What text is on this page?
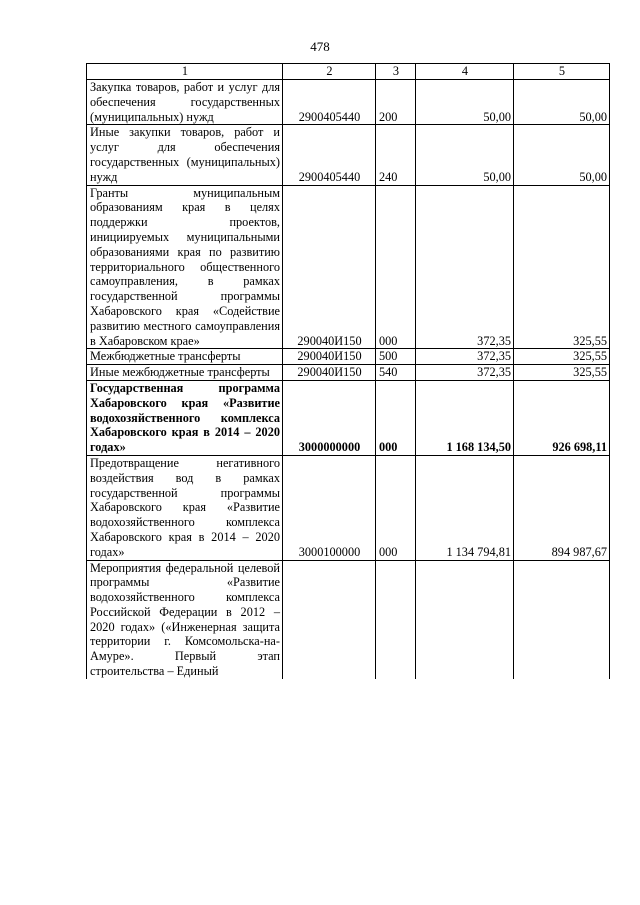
478
1	2	3	4	5
Закупка товаров, работ и услуг для обеспечения государственных (муниципальных) нужд	2900405440	200	50,00	50,00
Иные закупки товаров, работ и услуг для обеспечения государственных (муниципальных) нужд	2900405440	240	50,00	50,00
Гранты муниципальным образованиям края в целях поддержки проектов, инициируемых муниципальными образованиями края по развитию территориального общественного самоуправления, в рамках государственной программы Хабаровского края «Содействие развитию местного самоуправления в Хабаровском крае»	290040И150	000	372,35	325,55
Межбюджетные трансферты	290040И150	500	372,35	325,55
Иные межбюджетные трансферты	290040И150	540	372,35	325,55
Государственная программа Хабаровского края «Развитие водохозяйственного комплекса Хабаровского края в 2014 – 2020 годах»	3000000000	000	1 168 134,50	926 698,11
Предотвращение негативного воздействия вод в рамках государственной программы Хабаровского края «Развитие водохозяйственного комплекса Хабаровского края в 2014 – 2020 годах»	3000100000	000	1 134 794,81	894 987,67
Мероприятия федеральной целевой программы «Развитие водохозяйственного комплекса Российской Федерации в 2012 – 2020 годах» («Инженерная защита территории г. Комсомольска-на-Амуре». Первый этап строительства – Единый				
